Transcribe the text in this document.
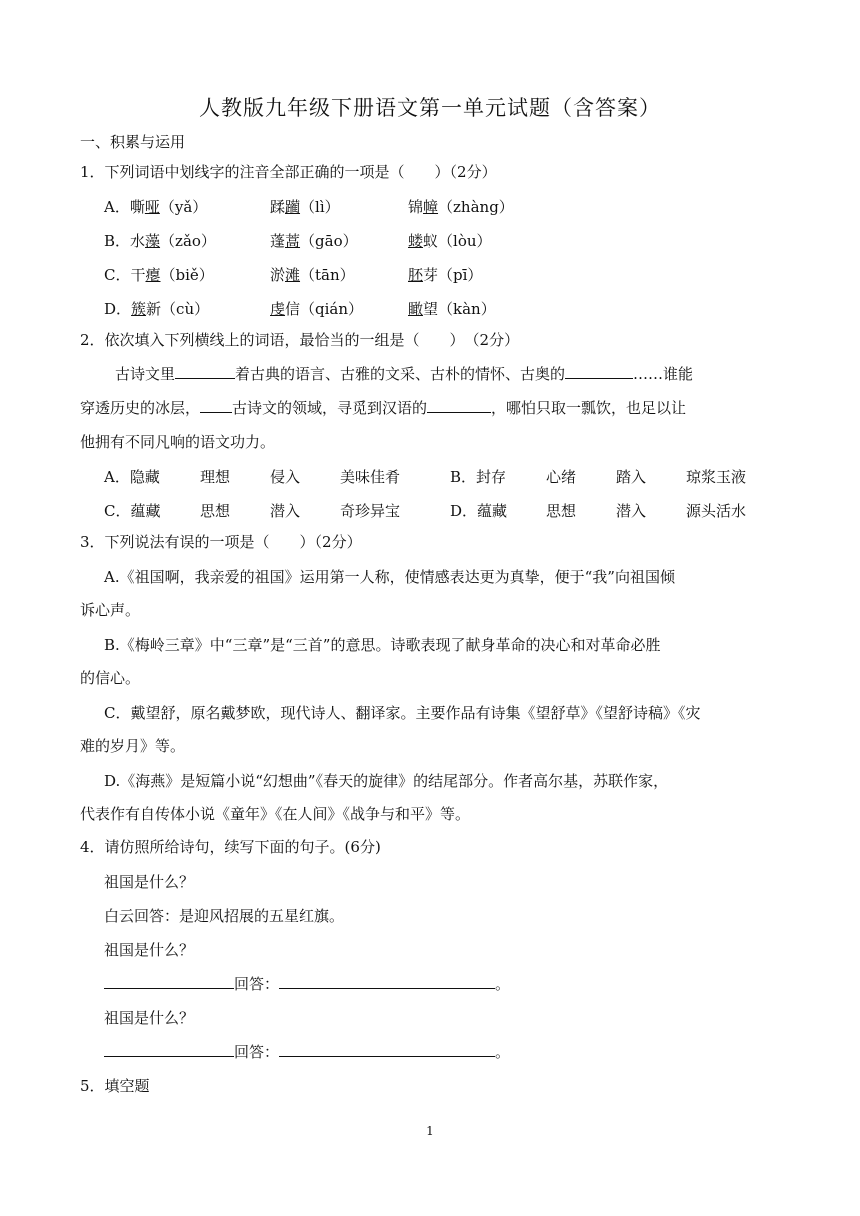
人教版九年级下册语文第一单元试题（含答案）
一、积累与运用
1．下列词语中划线字的注音全部正确的一项是（　　）（2分）
A．嘶哑（yǎ）	蹂躏（lì）	锦幛（zhàng）
B．水藻（zǎo）	蓬蒿（gāo）	蝼蚁（lòu）
C．干瘪（biě）	淤滩（tān）	胚芽（pī）
D．簇新（cù）	虔信（qián）	瞰望（kàn）
2．依次填入下列横线上的词语，最恰当的一组是（　　）　（2分）
古诗文里	着古典的语言、古雅的文采、古朴的情怀、古奥的	……谁能
穿透历史的冰层， 古诗文的领域，寻觅到汉语的	，哪怕只取一瓢饮，也足以让
他拥有不同凡响的语文功力。
A．隐藏	理想	侵入	美味佳肴	B．封存	心绪	踏入	琼浆玉液
C．蕴藏	思想	潜入	奇珍异宝	D．蕴藏	思想	潜入	源头活水
3．下列说法有误的一项是（　　）（2分）
A.《祖国啊，我亲爱的祖国》运用第一人称，使情感表达更为真挚，便于“我”向祖国倾
诉心声。
B.《梅岭三章》中“三章”是“三首”的意思。诗歌表现了献身革命的决心和对革命必胜
的信心。
C．戴望舒，原名戴梦欧，现代诗人、翻译家。主要作品有诗集《望舒草》《望舒诗稿》《灾
难的岁月》等。
D.《海燕》是短篇小说“幻想曲”《春天的旋律》的结尾部分。作者高尔基，苏联作家，
代表作有自传体小说《童年》《在人间》《战争与和平》等。
4．请仿照所给诗句，续写下面的句子。(6分)
祖国是什么？
白云回答：是迎风招展的五星红旗。
祖国是什么？
回答：	。
祖国是什么？
回答：	。
5．填空题
1
